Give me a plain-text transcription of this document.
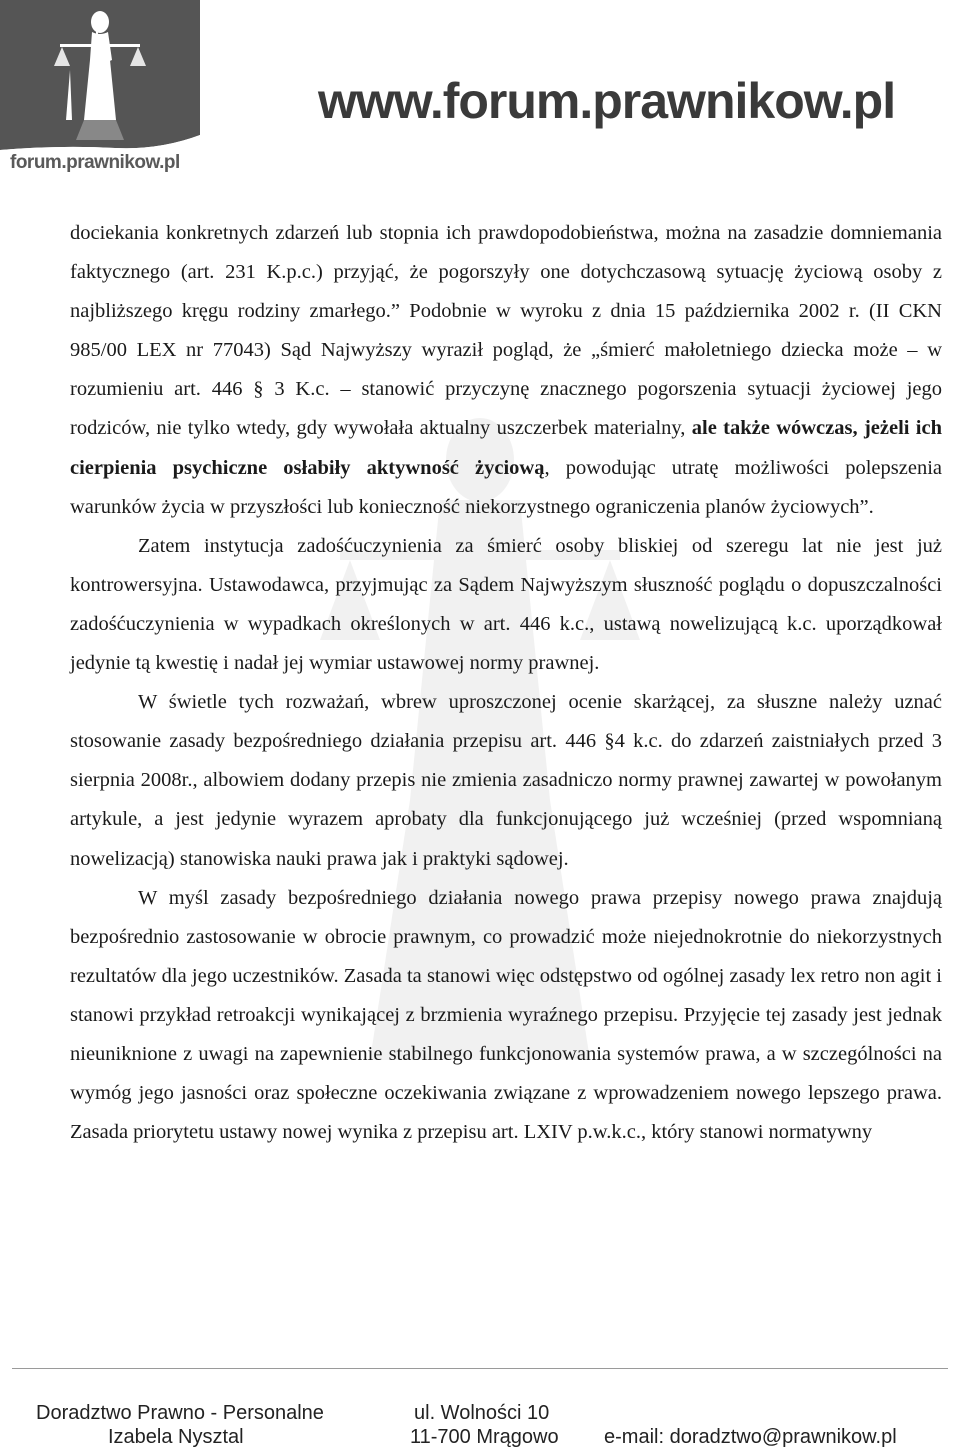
forum.prawnikow.pl
www.forum.prawnikow.pl

dociekania konkretnych zdarzeń lub stopnia ich prawdopodobieństwa, można na zasadzie domniemania faktycznego (art. 231 K.p.c.) przyjąć, że pogorszyły one dotychczasową sytuację życiową osoby z najbliższego kręgu rodziny zmarłego.” Podobnie w wyroku z dnia 15 października 2002 r. (II CKN 985/00 LEX nr 77043) Sąd Najwyższy wyraził pogląd, że „śmierć małoletniego dziecka może – w rozumieniu art. 446 § 3 K.c. – stanowić przyczynę znacznego pogorszenia sytuacji życiowej jego rodziców, nie tylko wtedy, gdy wywołała aktualny uszczerbek materialny, ale także wówczas, jeżeli ich cierpienia psychiczne osłabiły aktywność życiową, powodując utratę możliwości polepszenia warunków życia w przyszłości lub konieczność niekorzystnego ograniczenia planów życiowych”.

Zatem instytucja zadośćuczynienia za śmierć osoby bliskiej od szeregu lat nie jest już kontrowersyjna. Ustawodawca, przyjmując za Sądem Najwyższym słuszność poglądu o dopuszczalności zadośćuczynienia w wypadkach określonych w art. 446 k.c., ustawą nowelizującą k.c. uporządkował jedynie tą kwestię i nadał jej wymiar ustawowej normy prawnej.

W świetle tych rozważań, wbrew uproszczonej ocenie skarżącej, za słuszne należy uznać stosowanie zasady bezpośredniego działania przepisu art. 446 §4 k.c. do zdarzeń zaistniałych przed 3 sierpnia 2008r., albowiem dodany przepis nie zmienia zasadniczo normy prawnej zawartej w powołanym artykule, a jest jedynie wyrazem aprobaty dla funkcjonującego już wcześniej (przed wspomnianą nowelizacją) stanowiska nauki prawa jak i praktyki sądowej.

W myśl zasady bezpośredniego działania nowego prawa przepisy nowego prawa znajdują bezpośrednio zastosowanie w obrocie prawnym, co prowadzić może niejednokrotnie do niekorzystnych rezultatów dla jego uczestników. Zasada ta stanowi więc odstępstwo od ogólnej zasady lex retro non agit i stanowi przykład retroakcji wynikającej z brzmienia wyraźnego przepisu. Przyjęcie tej zasady jest jednak nieuniknione z uwagi na zapewnienie stabilnego funkcjonowania systemów prawa, a w szczególności na wymóg jego jasności oraz społeczne oczekiwania związane z wprowadzeniem nowego lepszego prawa. Zasada priorytetu ustawy nowej wynika z przepisu art. LXIV p.w.k.c., który stanowi normatywny

Doradztwo Prawno - Personalne
Izabela Nysztal
ul. Wolności 10
11-700 Mrągowo e-mail: doradztwo@prawnikow.pl
